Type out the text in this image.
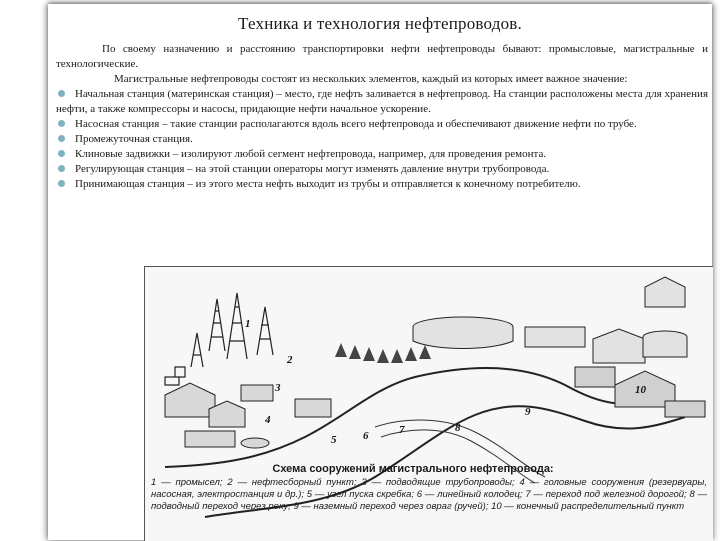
Техника и технология нефтепроводов.

По своему назначению и расстоянию транспортировки нефти нефтепроводы бывают: промысловые, магистральные и технологические.

Магистральные нефтепроводы состоят из нескольких элементов, каждый из которых имеет важное значение:

Начальная станция (материнская станция) – место, где нефть заливается в нефтепровод. На станции расположены места для хранения нефти, а также компрессоры и насосы, придающие нефти начальное ускорение.

Насосная станция – такие станции располагаются вдоль всего нефтепровода и обеспечивают движение нефти по трубе.

Промежуточная станция.

Клиновые задвижки – изолируют любой сегмент нефтепровода, например, для проведения ремонта.

Регулирующая станция – на этой станции операторы могут изменять давление внутри трубопровода.

Принимающая станция – из этого места нефть выходит из трубы и отправляется к конечному потребителю.

1
2
3
4
5 6	7	8
9
10
Схема сооружений магистрального нефтепровода:
1 — промысел; 2 — нефтесборный пункт; 3 — подводящие трубопроводы; 4 — головные сооружения (резервуары, насосная, электростанция и др.); 5 — узел пуска скребка; 6 — линейный колодец; 7 — переход под железной дорогой; 8 — подводный переход через реку; 9 — наземный переход через овраг (ручей); 10 — конечный распределительный пункт
